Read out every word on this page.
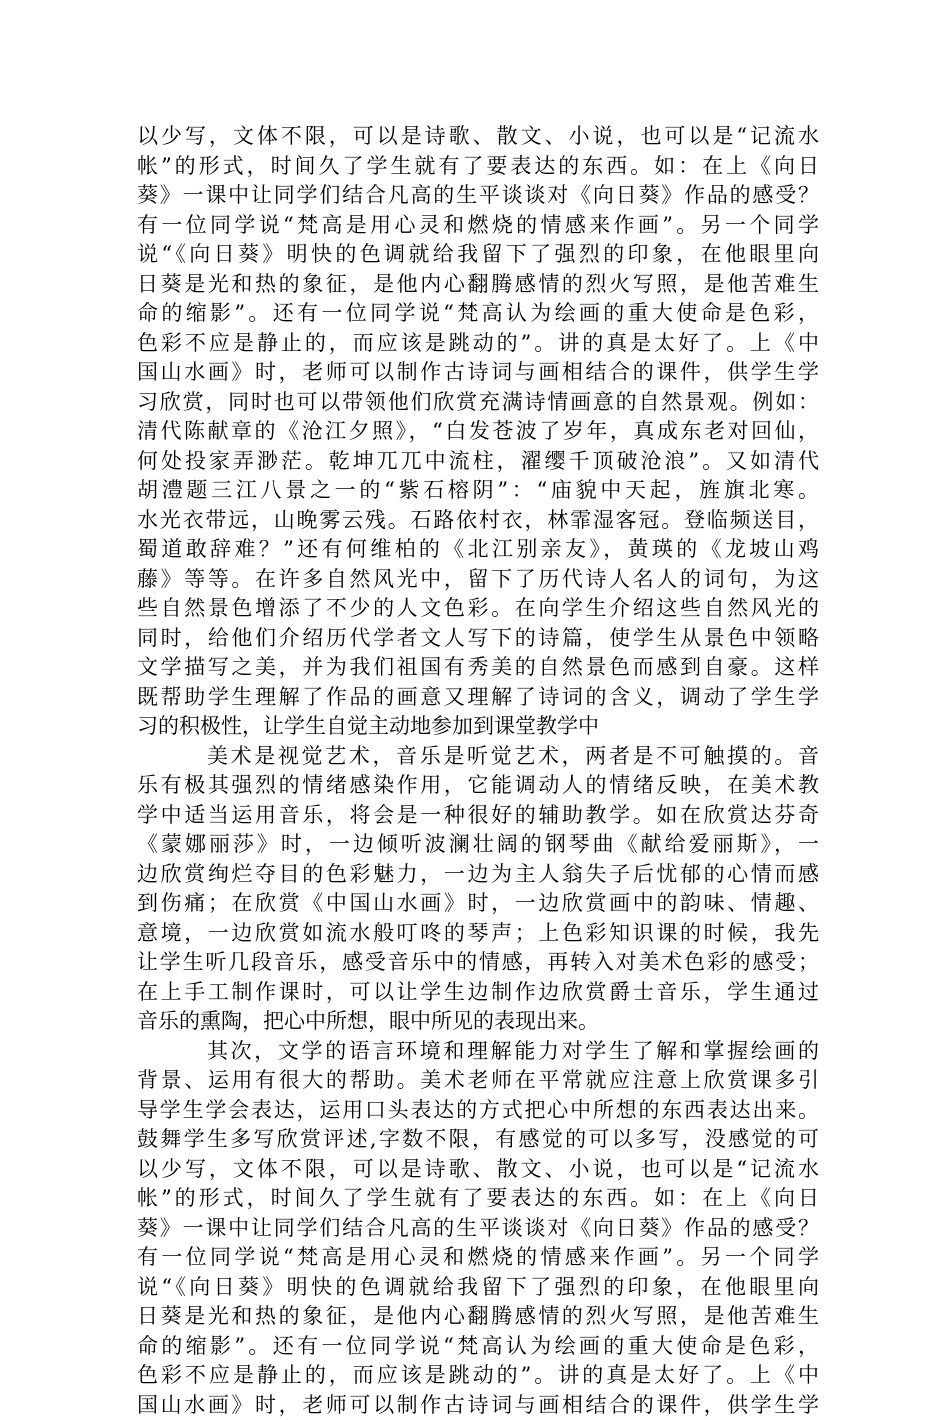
以少写，文体不限，可以是诗歌、散文、小说，也可以是“记流水
帐”的形式，时间久了学生就有了要表达的东西。如：在上《向日
葵》一课中让同学们结合凡高的生平谈谈对《向日葵》作品的感受？
有一位同学说“梵高是用心灵和燃烧的情感来作画”。另一个同学
说“《向日葵》明快的色调就给我留下了强烈的印象，在他眼里向
日葵是光和热的象征，是他内心翻腾感情的烈火写照，是他苦难生
命的缩影”。还有一位同学说“梵高认为绘画的重大使命是色彩，
色彩不应是静止的，而应该是跳动的”。讲的真是太好了。上《中
国山水画》时，老师可以制作古诗词与画相结合的课件，供学生学
习欣赏，同时也可以带领他们欣赏充满诗情画意的自然景观。例如：
清代陈献章的《沧江夕照》，“白发苍波了岁年，真成东老对回仙，
何处投家弄渺茫。乾坤兀兀中流柱，濯缨千顶破沧浪”。又如清代
胡澧题三江八景之一的“紫石榕阴”：“庙貌中天起，旌旗北寒。
水光衣带远，山晚雾云残。石路依村衣，林霏湿客冠。登临频送目，
蜀道敢辞难？”还有何维柏的《北江别亲友》，黄瑛的《龙坡山鸡
藤》等等。在许多自然风光中，留下了历代诗人名人的词句，为这
些自然景色增添了不少的人文色彩。在向学生介绍这些自然风光的
同时，给他们介绍历代学者文人写下的诗篇，使学生从景色中领略
文学描写之美，并为我们祖国有秀美的自然景色而感到自豪。这样
既帮助学生理解了作品的画意又理解了诗词的含义，调动了学生学
习的积极性，让学生自觉主动地参加到课堂教学中
美术是视觉艺术，音乐是听觉艺术，两者是不可触摸的。音
乐有极其强烈的情绪感染作用，它能调动人的情绪反映，在美术教
学中适当运用音乐，将会是一种很好的辅助教学。如在欣赏达芬奇
《蒙娜丽莎》时，一边倾听波澜壮阔的钢琴曲《献给爱丽斯》，一
边欣赏绚烂夺目的色彩魅力，一边为主人翁失子后忧郁的心情而感
到伤痛；在欣赏《中国山水画》时，一边欣赏画中的韵味、情趣、
意境，一边欣赏如流水般叮咚的琴声；上色彩知识课的时候，我先
让学生听几段音乐，感受音乐中的情感，再转入对美术色彩的感受；
在上手工制作课时，可以让学生边制作边欣赏爵士音乐，学生通过
音乐的熏陶，把心中所想，眼中所见的表现出来。
其次，文学的语言环境和理解能力对学生了解和掌握绘画的
背景、运用有很大的帮助。美术老师在平常就应注意上欣赏课多引
导学生学会表达，运用口头表达的方式把心中所想的东西表达出来。
鼓舞学生多写欣赏评述,字数不限，有感觉的可以多写，没感觉的可
以少写，文体不限，可以是诗歌、散文、小说，也可以是“记流水
帐”的形式，时间久了学生就有了要表达的东西。如：在上《向日
葵》一课中让同学们结合凡高的生平谈谈对《向日葵》作品的感受？
有一位同学说“梵高是用心灵和燃烧的情感来作画”。另一个同学
说“《向日葵》明快的色调就给我留下了强烈的印象，在他眼里向
日葵是光和热的象征，是他内心翻腾感情的烈火写照，是他苦难生
命的缩影”。还有一位同学说“梵高认为绘画的重大使命是色彩，
色彩不应是静止的，而应该是跳动的”。讲的真是太好了。上《中
国山水画》时，老师可以制作古诗词与画相结合的课件，供学生学
